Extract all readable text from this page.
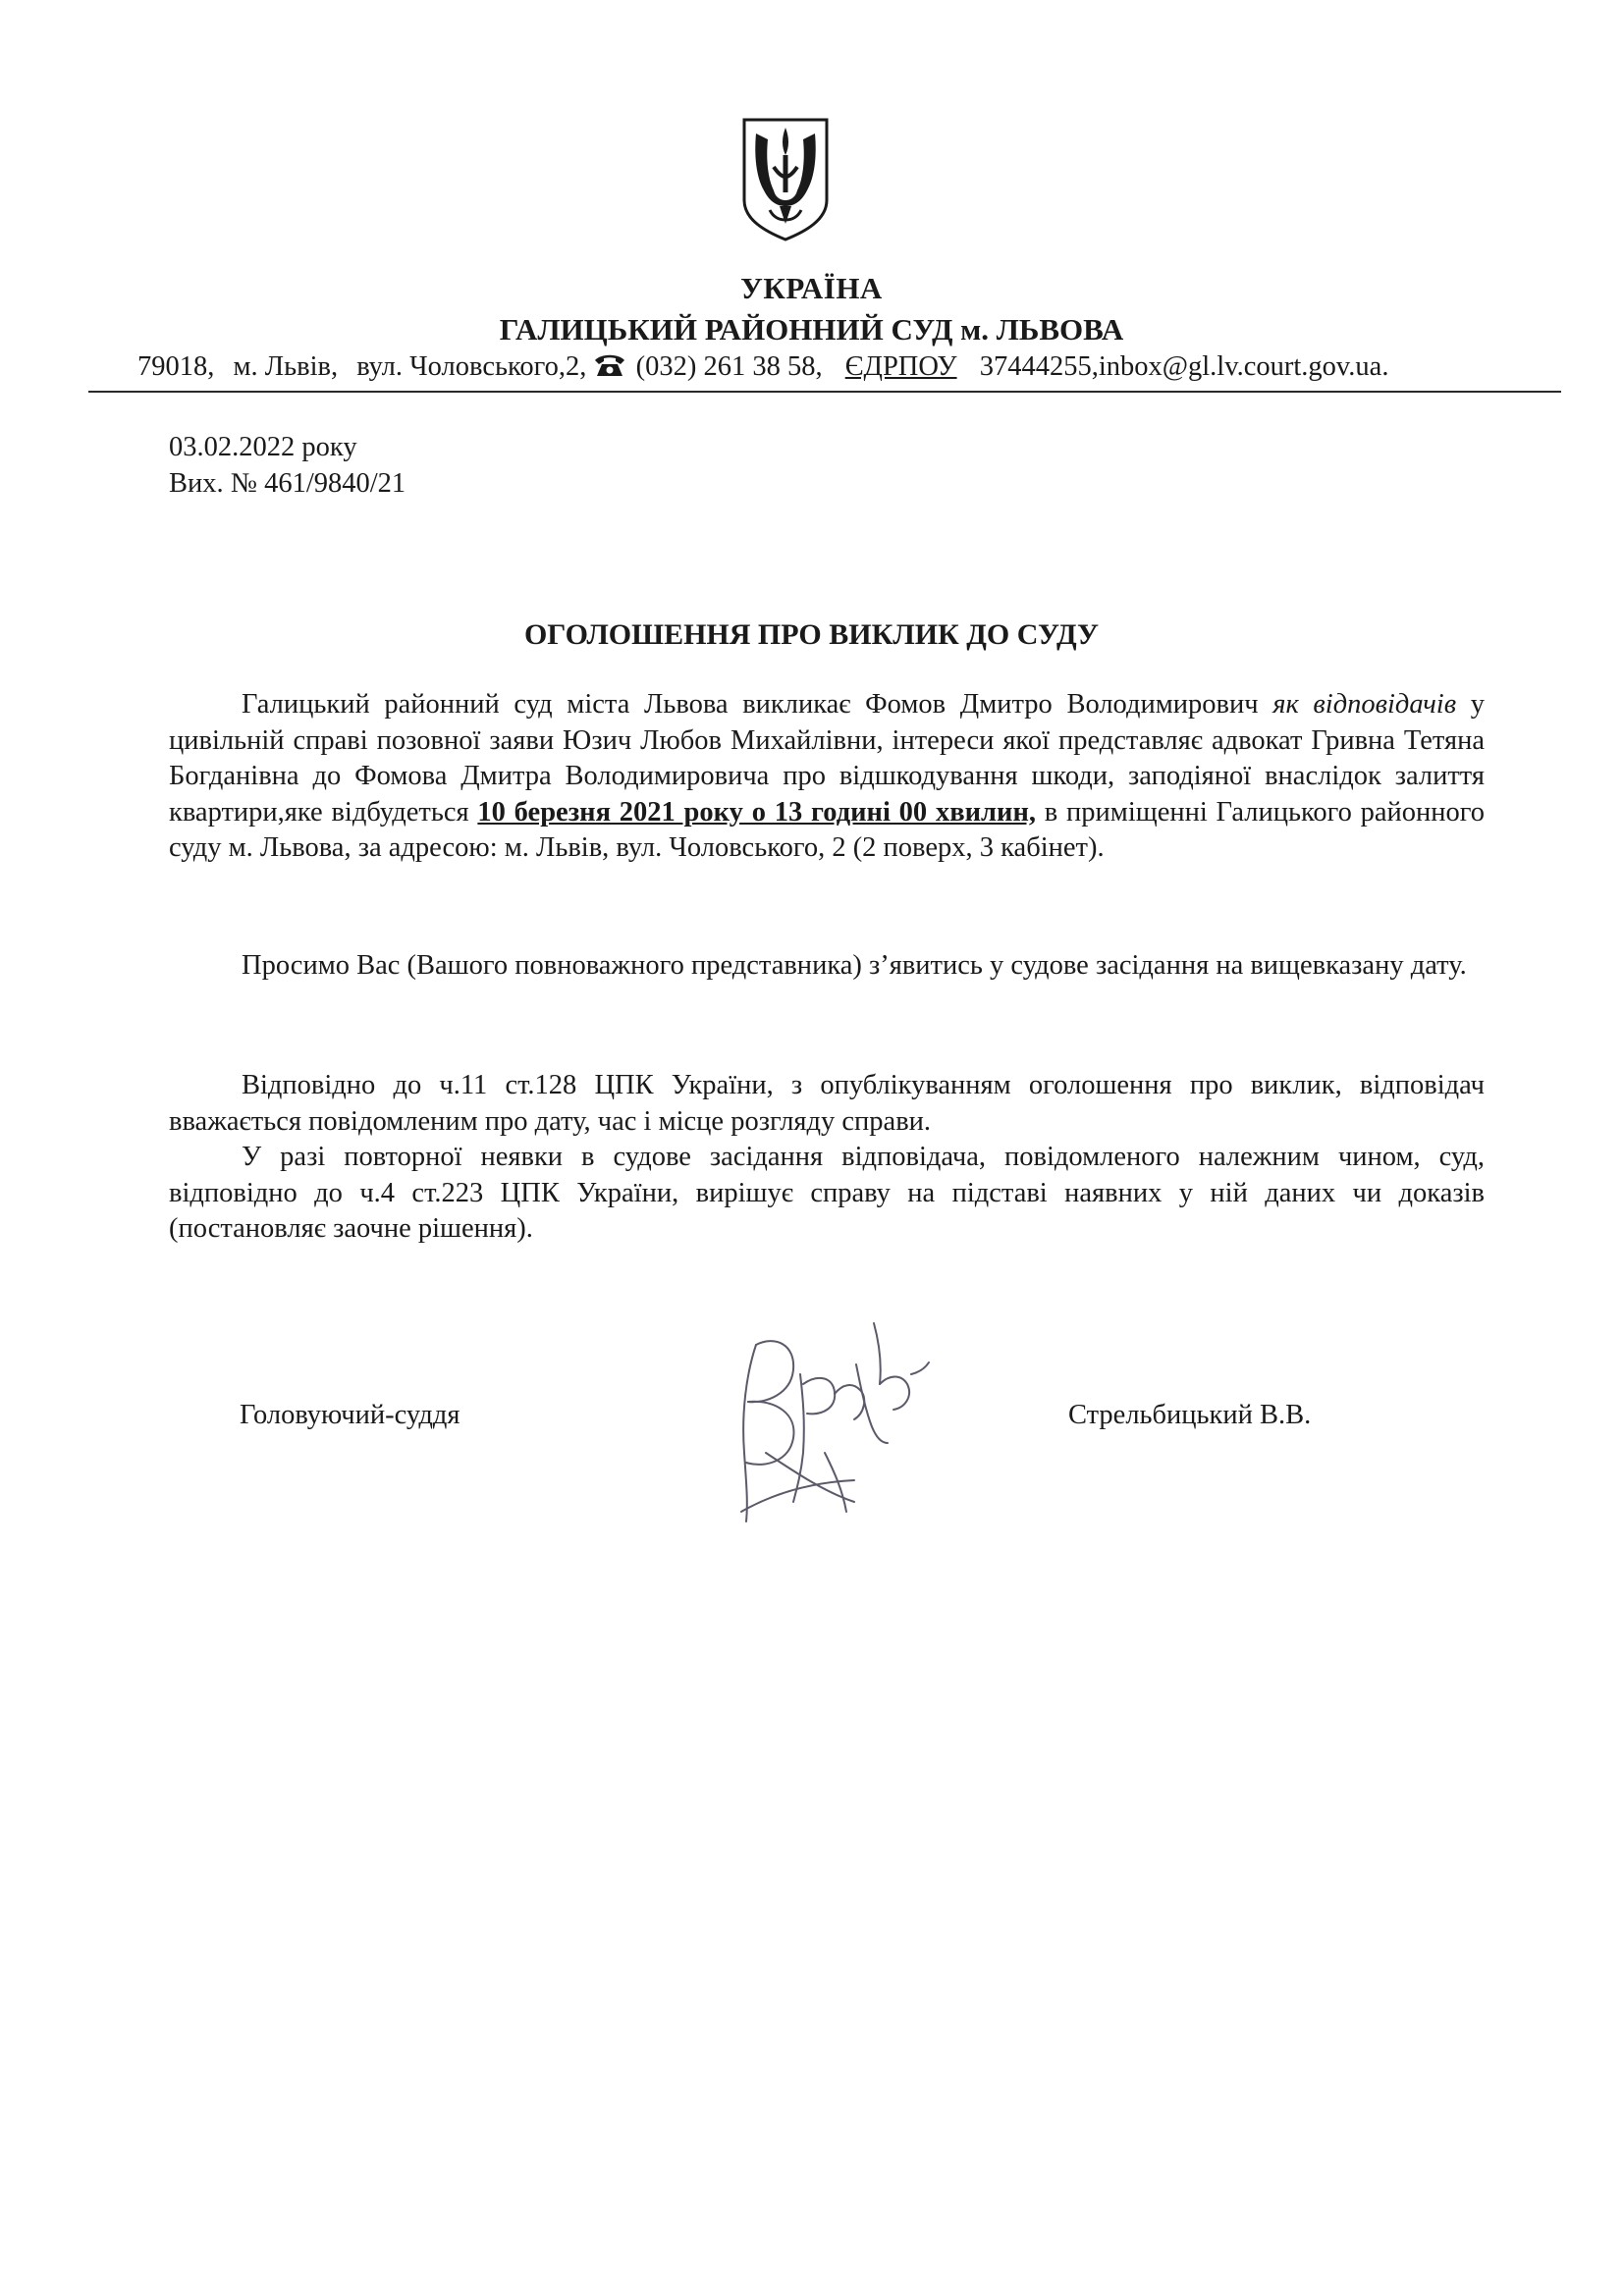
УКРАЇНА
ГАЛИЦЬКИЙ РАЙОННИЙ СУД м. ЛЬВОВА
79018, м. Львів, вул. Чоловського,2, (032) 261 38 58, ЄДРПОУ 37444255,inbox@gl.lv.court.gov.ua.
03.02.2022 року
Вих. № 461/9840/21
ОГОЛОШЕННЯ ПРО ВИКЛИК ДО СУДУ

Галицький районний суд міста Львова викликає Фомов Дмитро Володимирович як відповідачів у цивільній справі позовної заяви Юзич Любов Михайлівни, інтереси якої представляє адвокат Гривна Тетяна Богданівна до Фомова Дмитра Володимировича про відшкодування шкоди, заподіяної внаслідок залиття квартири,яке відбудеться 10 березня 2021 року о 13 годині 00 хвилин, в приміщенні Галицького районного суду м. Львова, за адресою: м. Львів, вул. Чоловського, 2 (2 поверх, 3 кабінет).

Просимо Вас (Вашого повноважного представника) з’явитись у судове засідання на вищевказану дату.

Відповідно до ч.11 ст.128 ЦПК України, з опублікуванням оголошення про виклик, відповідач вважається повідомленим про дату, час і місце розгляду справи.

У разі повторної неявки в судове засідання відповідача, повідомленого належним чином, суд, відповідно до ч.4 ст.223 ЦПК України, вирішує справу на підставі наявних у ній даних чи доказів (постановляє заочне рішення).

Головуючий-суддя	Стрельбицький В.В.
